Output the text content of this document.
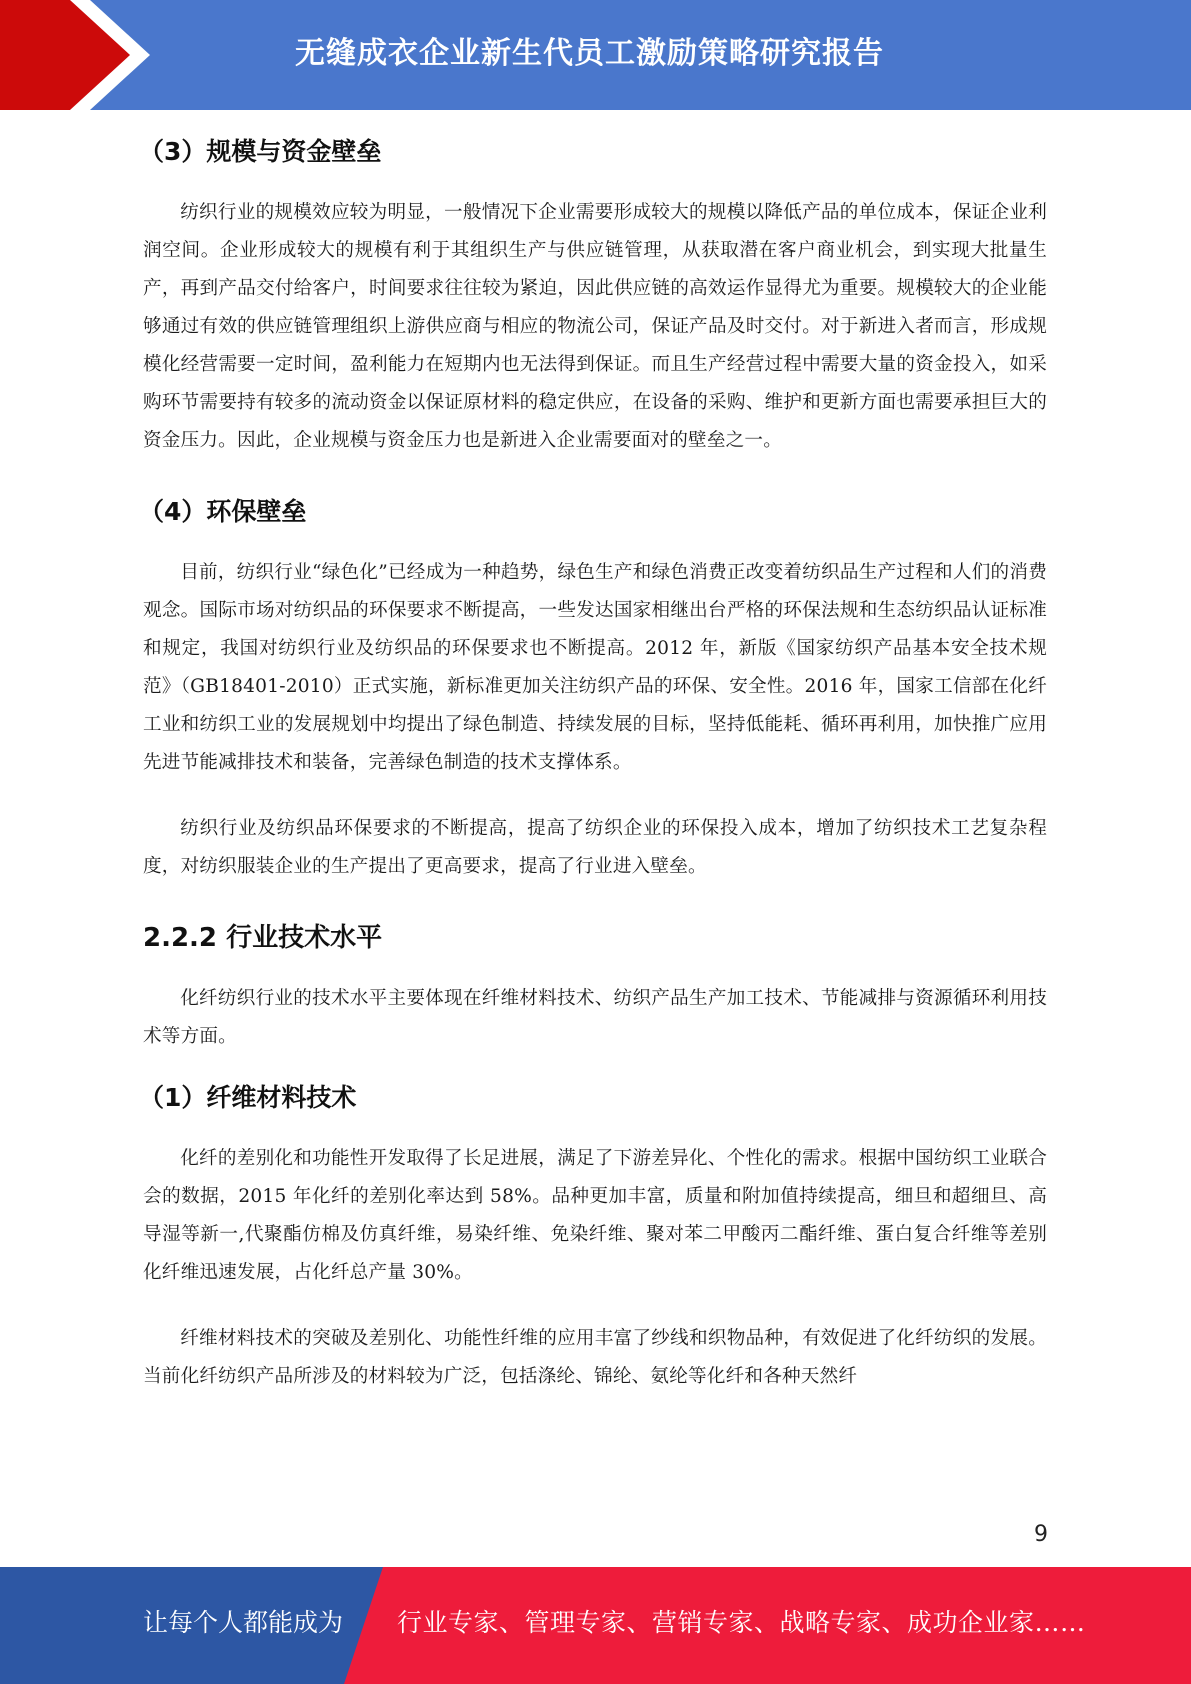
无缝成衣企业新生代员工激励策略研究报告
（3）规模与资金壁垒

纺织行业的规模效应较为明显，一般情况下企业需要形成较大的规模以降低产品的单位成本，保证企业利润空间。企业形成较大的规模有利于其组织生产与供应链管理，从获取潜在客户商业机会，到实现大批量生产，再到产品交付给客户，时间要求往往较为紧迫，因此供应链的高效运作显得尤为重要。规模较大的企业能够通过有效的供应链管理组织上游供应商与相应的物流公司，保证产品及时交付。对于新进入者而言，形成规模化经营需要一定时间，盈利能力在短期内也无法得到保证。而且生产经营过程中需要大量的资金投入，如采购环节需要持有较多的流动资金以保证原材料的稳定供应，在设备的采购、维护和更新方面也需要承担巨大的资金压力。因此，企业规模与资金压力也是新进入企业需要面对的壁垒之一。

（4）环保壁垒

目前，纺织行业“绿色化”已经成为一种趋势，绿色生产和绿色消费正改变着纺织品生产过程和人们的消费观念。国际市场对纺织品的环保要求不断提高，一些发达国家相继出台严格的环保法规和生态纺织品认证标准和规定，我国对纺织行业及纺织品的环保要求也不断提高。2012 年，新版《国家纺织产品基本安全技术规范》（GB18401-2010）正式实施，新标准更加关注纺织产品的环保、安全性。2016 年，国家工信部在化纤工业和纺织工业的发展规划中均提出了绿色制造、持续发展的目标，坚持低能耗、循环再利用，加快推广应用先进节能减排技术和装备，完善绿色制造的技术支撑体系。

纺织行业及纺织品环保要求的不断提高，提高了纺织企业的环保投入成本，增加了纺织技术工艺复杂程度，对纺织服装企业的生产提出了更高要求，提高了行业进入壁垒。

2.2.2 行业技术水平

化纤纺织行业的技术水平主要体现在纤维材料技术、纺织产品生产加工技术、节能减排与资源循环利用技术等方面。

（1）纤维材料技术

化纤的差别化和功能性开发取得了长足进展，满足了下游差异化、个性化的需求。根据中国纺织工业联合会的数据，2015 年化纤的差别化率达到 58%。品种更加丰富，质量和附加值持续提高，细旦和超细旦、高导湿等新一,代聚酯仿棉及仿真纤维，易染纤维、免染纤维、聚对苯二甲酸丙二酯纤维、蛋白复合纤维等差别化纤维迅速发展，占化纤总产量 30%。

纤维材料技术的突破及差别化、功能性纤维的应用丰富了纱线和织物品种，有效促进了化纤纺织的发展。当前化纤纺织产品所涉及的材料较为广泛，包括涤纶、锦纶、氨纶等化纤和各种天然纤

9
让每个人都能成为 行业专家、管理专家、营销专家、战略专家、成功企业家……
